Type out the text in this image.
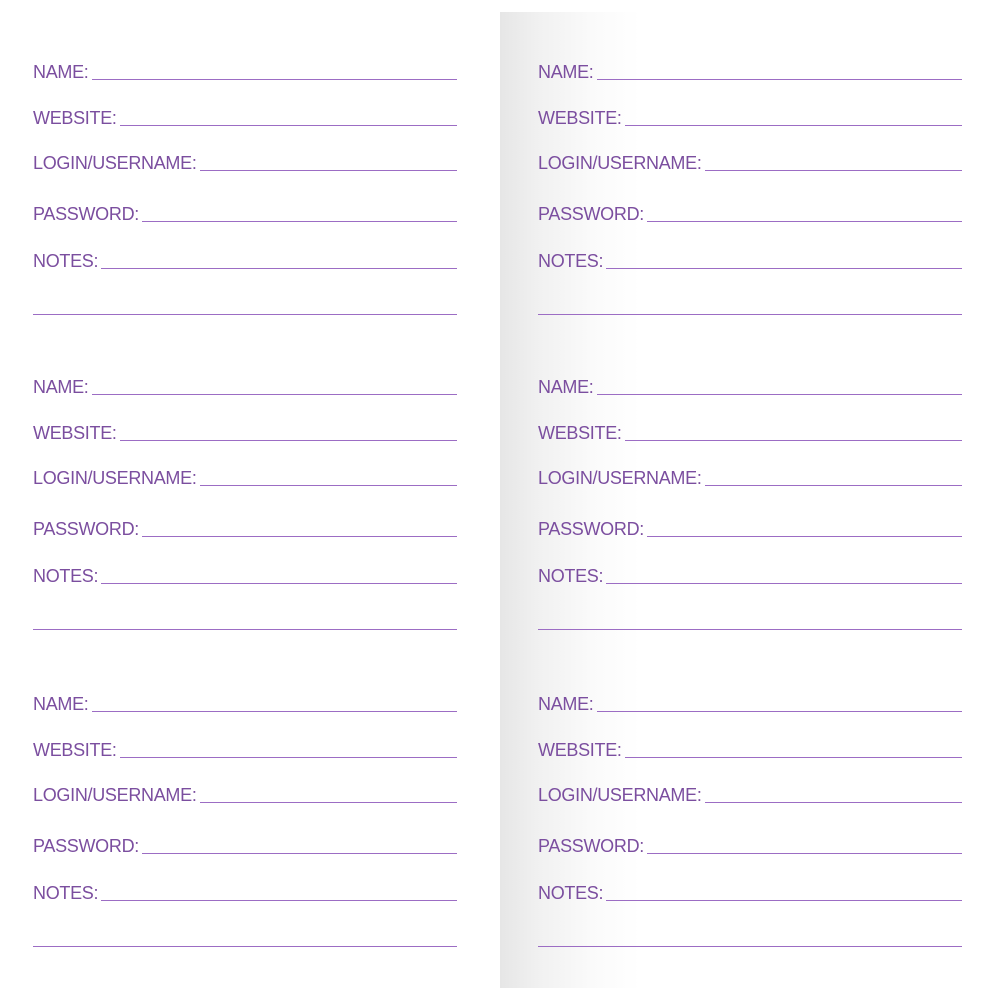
NAME:
WEBSITE:
LOGIN/USERNAME:
PASSWORD:
NOTES:
NAME:
WEBSITE:
LOGIN/USERNAME:
PASSWORD:
NOTES:
NAME:
WEBSITE:
LOGIN/USERNAME:
PASSWORD:
NOTES:
NAME:
WEBSITE:
LOGIN/USERNAME:
PASSWORD:
NOTES:
NAME:
WEBSITE:
LOGIN/USERNAME:
PASSWORD:
NOTES:
NAME:
WEBSITE:
LOGIN/USERNAME:
PASSWORD:
NOTES:
